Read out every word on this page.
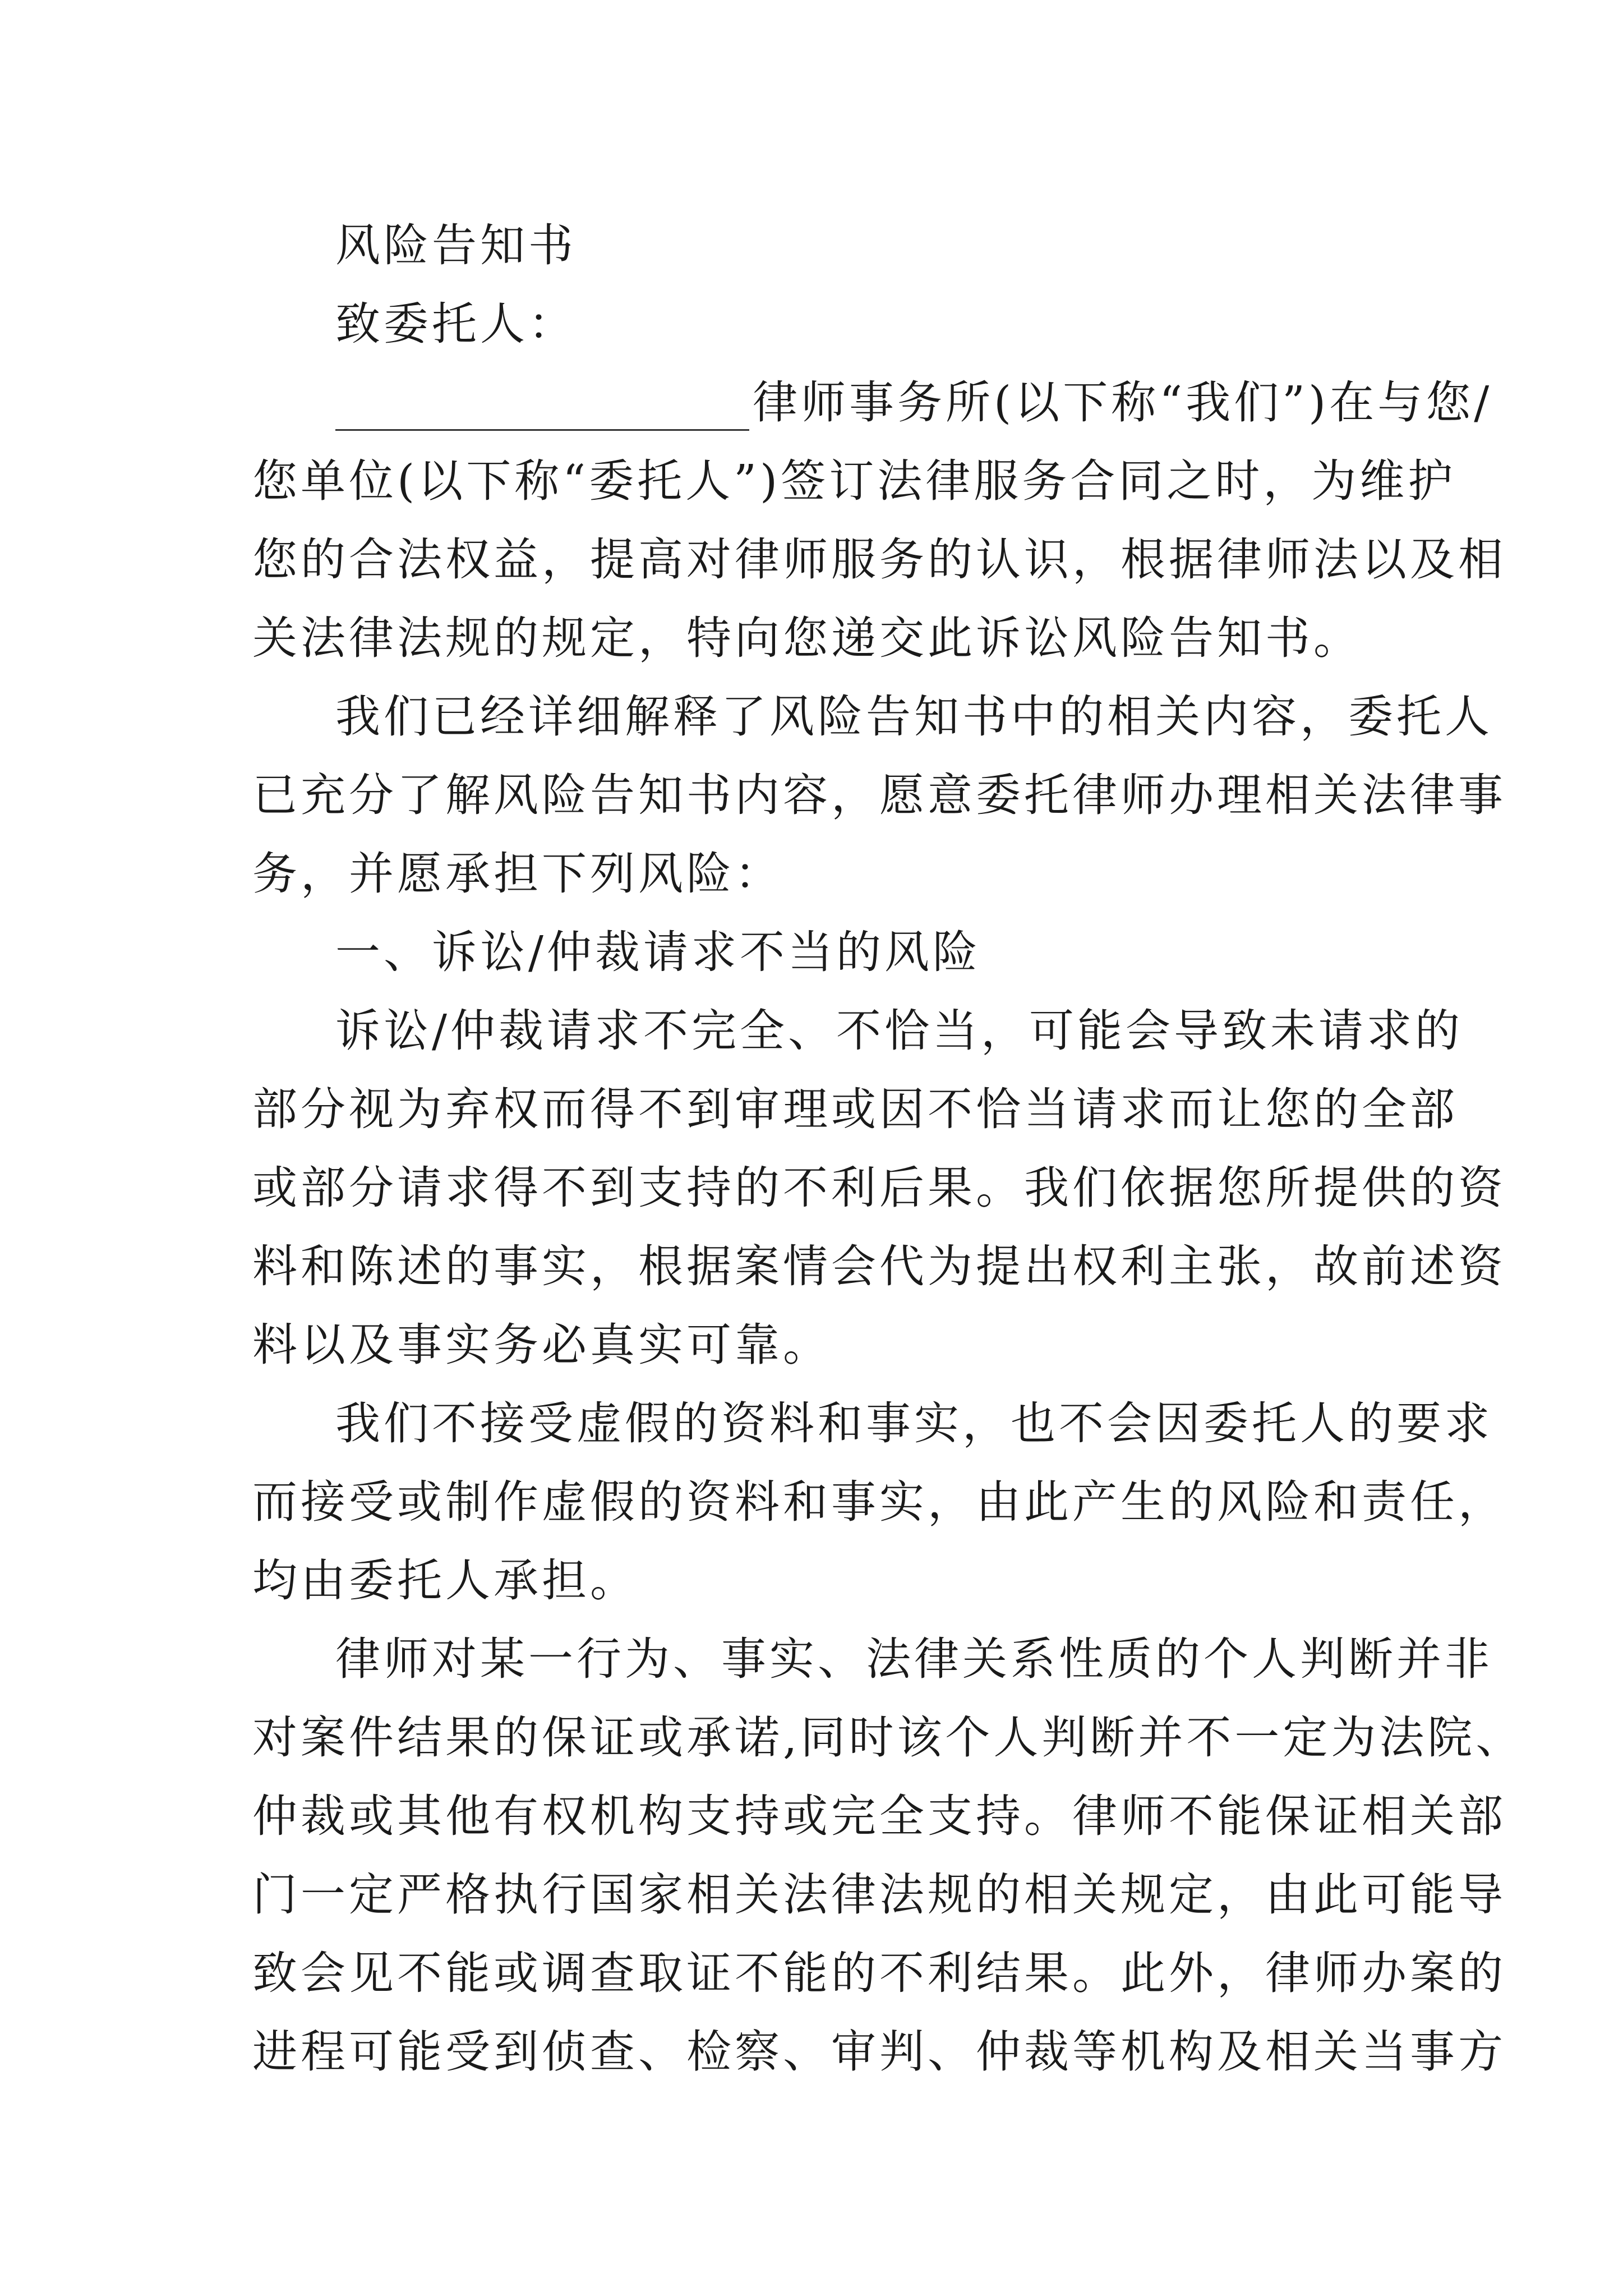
风险告知书
致委托人：
律师事务所(以下称“我们”)在与您/
您单位(以下称“委托人”)签订法律服务合同之时，为维护
您的合法权益，提高对律师服务的认识，根据律师法以及相
关法律法规的规定，特向您递交此诉讼风险告知书。
我们已经详细解释了风险告知书中的相关内容，委托人
已充分了解风险告知书内容，愿意委托律师办理相关法律事
务，并愿承担下列风险：
一、诉讼/仲裁请求不当的风险
诉讼/仲裁请求不完全、不恰当，可能会导致未请求的
部分视为弃权而得不到审理或因不恰当请求而让您的全部
或部分请求得不到支持的不利后果。我们依据您所提供的资
料和陈述的事实，根据案情会代为提出权利主张，故前述资
料以及事实务必真实可靠。
我们不接受虚假的资料和事实，也不会因委托人的要求
而接受或制作虚假的资料和事实，由此产生的风险和责任，
均由委托人承担。
律师对某一行为、事实、法律关系性质的个人判断并非
对案件结果的保证或承诺,同时该个人判断并不一定为法院、
仲裁或其他有权机构支持或完全支持。律师不能保证相关部
门一定严格执行国家相关法律法规的相关规定，由此可能导
致会见不能或调查取证不能的不利结果。此外，律师办案的
进程可能受到侦查、检察、审判、仲裁等机构及相关当事方
